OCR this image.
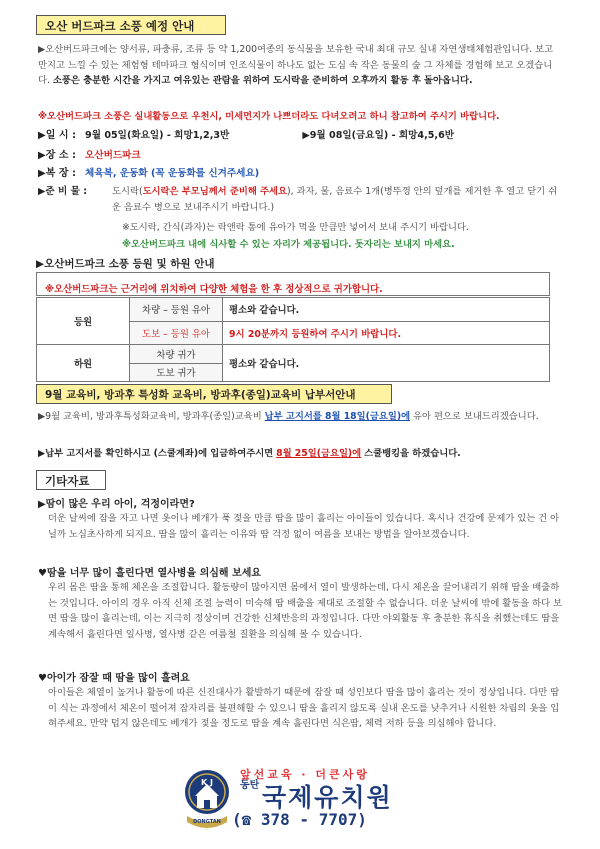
오산 버드파크 소풍 예정 안내
▶오산버드파크에는 양서류, 파충류, 조류 등 약 1,200여종의 동식물을 보유한 국내 최대 규모 실내 자연생태체험관입니다. 보고 만지고 느낄 수 있는 체험형 테마파크 형식이며 인조식물이 하나도 없는 도심 속 작은 동물의 숲 그 자체를 경험해 보고 오겠습니다. 소풍은 충분한 시간을 가지고 여유있는 관람을 위하여 도시락을 준비하여 오후까지 활동 후 돌아옵니다.
※오산버드파크 소풍은 실내활동으로 우천시, 미세먼지가 나쁘더라도 다녀오려고 하니 참고하여 주시기 바랍니다.
▶일 시 : 9월 05일(화요일) - 희망1,2,3반	▶9월 08일(금요일) - 희망4,5,6반
▶장 소 : 오산버드파크
▶복 장 : 체육복, 운동화 (꼭 운동화를 신겨주세요)
▶준 비 물 :	도시락(도시락은 부모님께서 준비해 주세요), 과자, 물, 음료수 1개(병뚜껑 안의 덮개를 제거한 후 열고 닫기 쉬운 음료수 병으로 보내주시기 바랍니다.)
※도시락, 간식(과자)는 락앤락 통에 유아가 먹을 만큼만 넣어서 보내 주시기 바랍니다.
※오산버드파크 내에 식사할 수 있는 자리가 제공됩니다. 돗자리는 보내지 마세요.
▶오산버드파크 소풍 등원 및 하원 안내
※오산버드파크는 근거리에 위치하여 다양한 체험을 한 후 정상적으로 귀가합니다.
등원	차량 – 등원 유아	평소와 같습니다.
	도보 – 등원 유아	9시 20분까지 등원하여 주시기 바랍니다.
하원	차량 귀가	평소와 같습니다.
	도보 귀가	
9월 교육비, 방과후 특성화 교육비, 방과후(종일)교육비 납부서안내
▶9월 교육비, 방과후특성화교육비, 방과후(종일)교육비 납부 고지서를 8월 18일(금요일)에 유아 편으로 보내드리겠습니다.
▶납부 고지서를 확인하시고 (스쿨계좌)에 입금하여주시면 8월 25일(금요일)에 스쿨뱅킹을 하겠습니다.
기타자료
▶땀이 많은 우리 아이, 걱정이라면?
더운 날씨에 잠을 자고 나면 옷이나 베개가 푹 젖을 만큼 땀을 많이 흘리는 아이들이 있습니다. 혹시나 건강에 문제가 있는 건 아닐까 노심초사하게 되지요. 땀을 많이 흘리는 이유와 땀 걱정 없이 여름을 보내는 방법을 알아보겠습니다.
♥땀을 너무 많이 흘린다면 열사병을 의심해 보세요
우리 몸은 땀을 통해 체온을 조절합니다. 활동량이 많아지면 몸에서 열이 발생하는데, 다시 체온을 끌어내리기 위해 땀을 배출하는 것입니다. 아이의 경우 아직 신체 조절 능력이 미숙해 땀 배출을 제대로 조절할 수 없습니다. 더운 날씨에 밖에 활동을 하다 보면 땀을 많이 흘리는데, 이는 지극히 정상이며 건강한 신체반응의 과정입니다. 다만 야외활동 후 충분한 휴식을 취했는데도 땀을 계속해서 흘린다면 일사병, 열사병 같은 여름철 질환을 의심해 볼 수 있습니다.
♥아이가 잠잘 때 땀을 많이 흘려요
아이들은 체열이 높거나 활동에 따른 신진대사가 활발하기 때문에 잠잘 때 성인보다 땀을 많이 흘리는 것이 정상입니다. 다만 땀이 식는 과정에서 체온이 떨어져 잠자리를 불편해할 수 있으니 땀을 흘리지 않도록 실내 온도를 낮추거나 시원한 차림의 옷을 입혀주세요. 만약 덥지 않은데도 베개가 젖을 정도로 땀을 계속 흘린다면 식은땀, 체력 저하 등을 의심해야 합니다.
K J
DONGTAN
앞선교육 · 더큰사랑
동탄 국제유치원
(☎ 378 - 7707)
